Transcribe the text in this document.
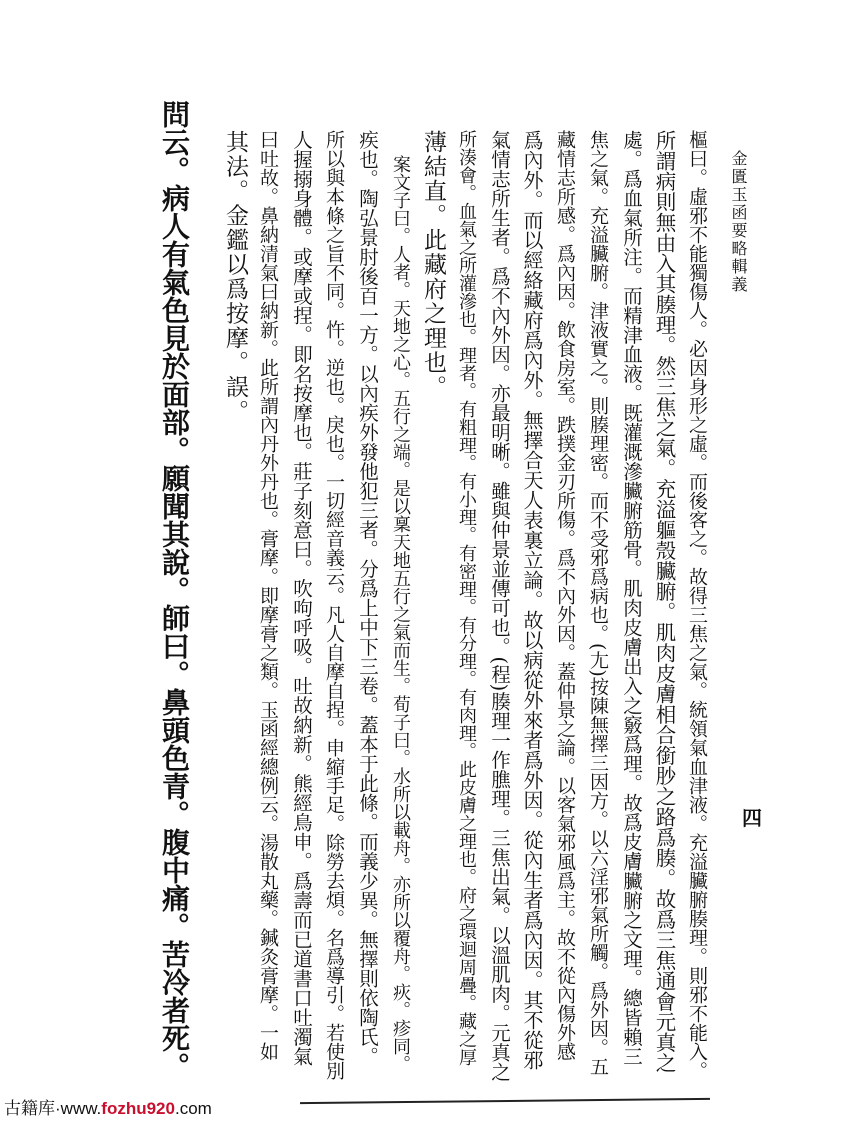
金匱玉函要略輯義
四
樞曰。虛邪不能獨傷人。必因身形之虛。而後客之。故得三焦之氣。統領氣血津液。充溢臟腑腠理。則邪不能入。
所謂病則無由入其腠理。然三焦之氣。充溢軀殼臟腑。肌肉皮膚相合銜䏚之路爲腠。故爲三焦通會元真之
處。爲血氣所注。而精津血液。既灌溉滲臟腑筋骨。肌肉皮膚出入之竅爲理。故爲皮膚臟腑之文理。總皆賴三
焦之氣。充溢臟腑。津液實之。則腠理密。而不受邪爲病也。(尢)按陳無擇三因方。以六淫邪氣所觸。爲外因。五
藏情志所感。爲內因。飲食房室。跌撲金刃所傷。爲不內外因。蓋仲景之論。以客氣邪風爲主。故不從內傷外感
爲內外。而以經絡藏府爲內外。無擇合天人表裏立論。故以病從外來者爲外因。從內生者爲內因。其不從邪
氣情志所生者。爲不內外因。亦最明晰。雖與仲景並傳可也。(程)腠理一作膲理。三焦出氣。以溫肌肉。元真之
所湊會。血氣之所灌滲也。理者。有粗理。有小理。有密理。有分理。有肉理。此皮膚之理也。府之環迴周疊。藏之厚
薄結直。此藏府之理也。
案文子曰。人者。天地之心。五行之端。是以稟天地五行之氣而生。荀子曰。水所以載舟。亦所以覆舟。疢。疹同。
疾也。陶弘景肘後百一方。以內疾外發他犯三者。分爲上中下三卷。蓋本于此條。而義少異。無擇則依陶氏。
所以與本條之旨不同。忤。逆也。戾也。一切經音義云。凡人自摩自捏。申縮手足。除勞去煩。名爲導引。若使別
人握搦身體。或摩或捏。即名按摩也。莊子刻意曰。吹呴呼吸。吐故納新。熊經鳥申。爲壽而已道書口吐濁氣
曰吐故。鼻納清氣曰納新。此所謂內丹外丹也。膏摩。即摩膏之類。玉函經總例云。湯散丸藥。鍼灸膏摩。一如
其法。金鑑以爲按摩。誤。
問云。病人有氣色見於面部。願聞其說。師曰。鼻頭色青。腹中痛。苦冷者死。
古籍库·www.fozhu920.com
